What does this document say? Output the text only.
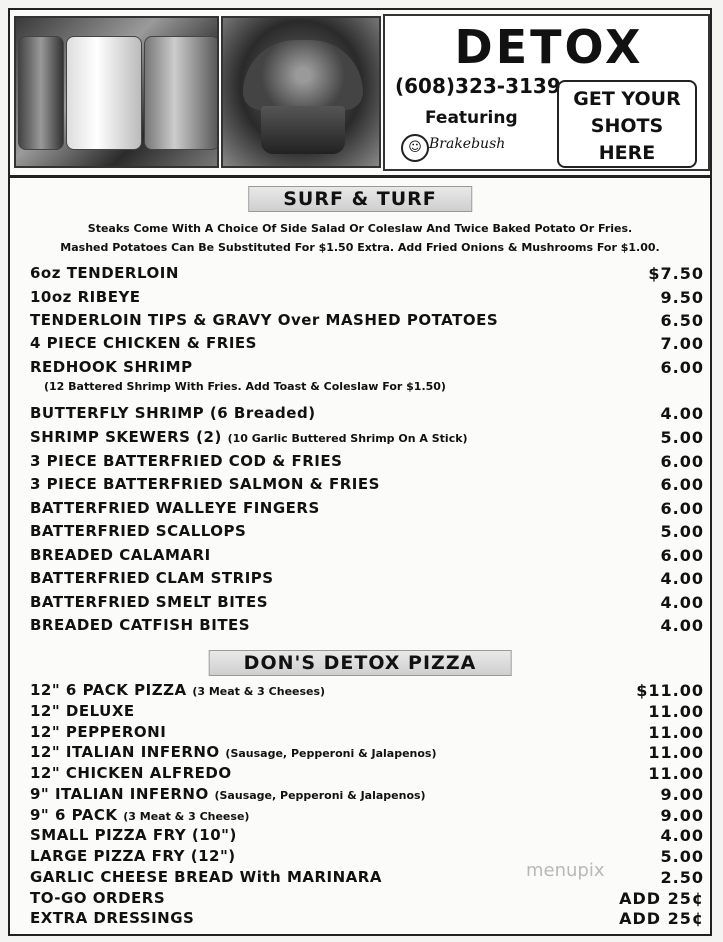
DETOX
(608)323-3139
Featuring
☺ Brakebush
GET YOUR
SHOTS
HERE
SURF & TURF
Steaks Come With A Choice Of Side Salad Or Coleslaw And Twice Baked Potato Or Fries.
Mashed Potatoes Can Be Substituted For $1.50 Extra. Add Fried Onions & Mushrooms For $1.00.
6oz TENDERLOIN	$7.50
10oz RIBEYE	9.50
TENDERLOIN TIPS & GRAVY Over MASHED POTATOES	6.50
4 PIECE CHICKEN & FRIES	7.00
REDHOOK SHRIMP	6.00
(12 Battered Shrimp With Fries. Add Toast & Coleslaw For $1.50)
BUTTERFLY SHRIMP (6 Breaded)	4.00
SHRIMP SKEWERS (2) (10 Garlic Buttered Shrimp On A Stick)	5.00
3 PIECE BATTERFRIED COD & FRIES	6.00
3 PIECE BATTERFRIED SALMON & FRIES	6.00
BATTERFRIED WALLEYE FINGERS	6.00
BATTERFRIED SCALLOPS	5.00
BREADED CALAMARI	6.00
BATTERFRIED CLAM STRIPS	4.00
BATTERFRIED SMELT BITES	4.00
BREADED CATFISH BITES	4.00
DON'S DETOX PIZZA
12" 6 PACK PIZZA (3 Meat & 3 Cheeses)	$11.00
12" DELUXE	11.00
12" PEPPERONI	11.00
12" ITALIAN INFERNO (Sausage, Pepperoni & Jalapenos)	11.00
12" CHICKEN ALFREDO	11.00
9" ITALIAN INFERNO (Sausage, Pepperoni & Jalapenos)	9.00
9" 6 PACK (3 Meat & 3 Cheese)	9.00
SMALL PIZZA FRY (10")	4.00
LARGE PIZZA FRY (12")	5.00
GARLIC CHEESE BREAD With MARINARA	2.50
TO-GO ORDERS	ADD 25¢
EXTRA DRESSINGS	ADD 25¢
menupix
